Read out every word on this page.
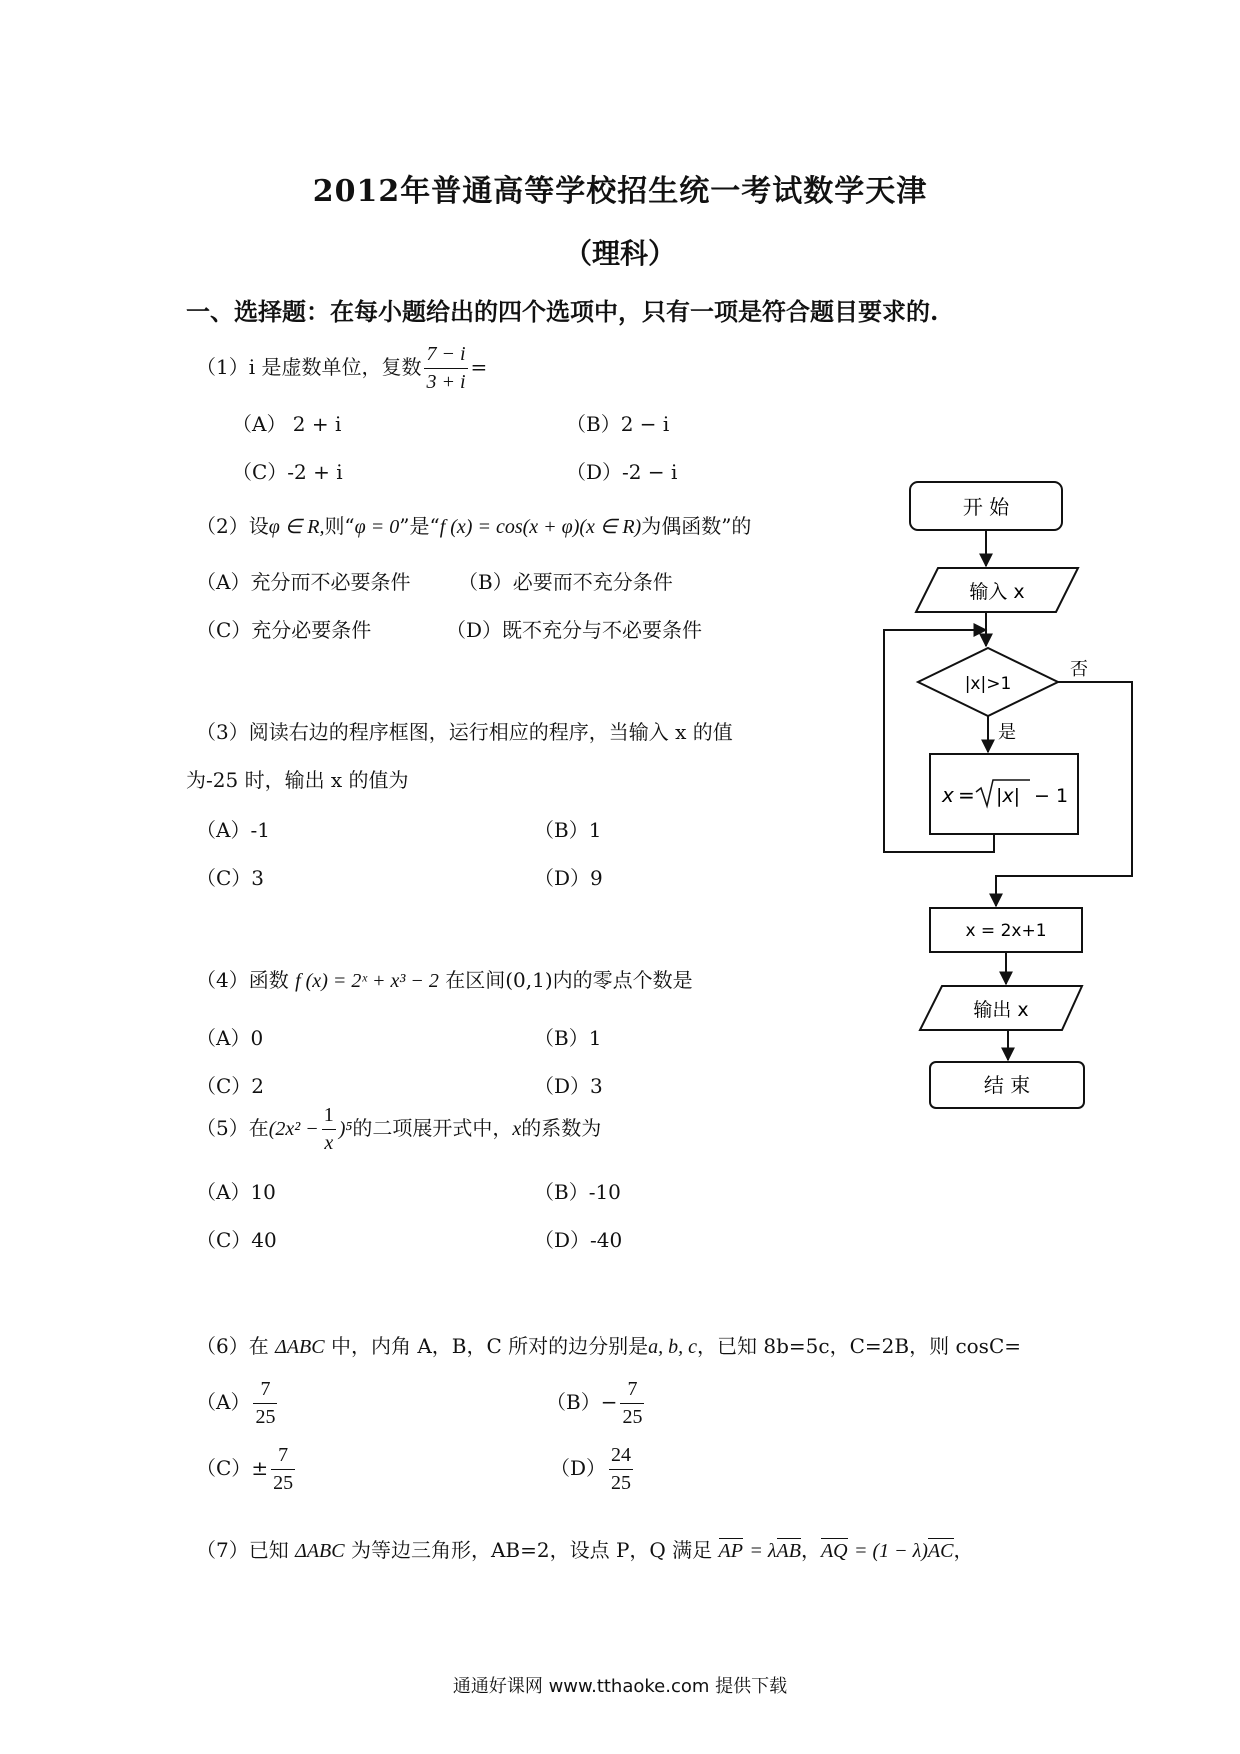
2012年普通高等学校招生统一考试数学天津
（理科）
一、选择题：在每小题给出的四个选项中，只有一项是符合题目要求的.
（1）i 是虚数单位，复数 $\frac{7 - i}{3 + i}$ =
（A） 2 + i	（B）2 − i
（C）-2 + i	（D）-2 − i
（2）设φ ∈ R,则“φ = 0”是“f (x) = cos(x + φ)(x ∈ R)为偶函数”的
（A）充分而不必要条件 （B）必要而不充分条件
（C）充分必要条件	（D）既不充分与不必要条件
（3）阅读右边的程序框图，运行相应的程序，当输入 x 的值
为-25 时，输出 x 的值为
（A）-1	（B）1
（C）3	（D）9
（4）函数 f (x) = 2ˣ + x³ − 2 在区间(0,1)内的零点个数是
（A）0	（B）1
（C）2	（D）3
（5）在$(2x^2 - \frac{1}{x} )^5$的二项展开式中，x的系数为
（A）10	（B）-10
（C）40	（D）-40
（6）在 ΔABC 中，内角 A，B，C 所对的边分别是a, b, c，已知 8b=5c，C=2B，则 cosC=
$(A) \frac{7}{25}$	$(B)- \frac{7}{25}$
$(C)\pm \frac{7}{25}$	$(D) \frac{24}{25}$
（7）已知 ΔABC 为等边三角形，AB=2，设点 P，Q 满足 AP = λAB，AQ = (1 − λ)AC，
开 始
输入 x
|x|>1
否
是
x = |x| − 1
x = 2x+1
输出 x
结 束
通通好课网 www.tthaoke.com 提供下载
